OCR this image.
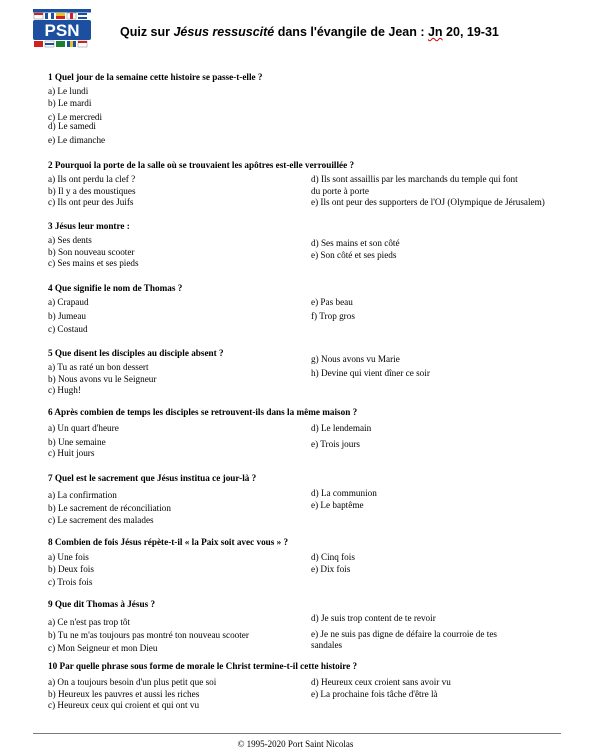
PSN	Quiz sur Jésus ressuscité dans l'évangile de Jean : Jn 20, 19-31
1 Quel jour de la semaine cette histoire se passe-t-elle ?
a) Le lundi
b) Le mardi
c) Le mercredi
d) Le samedi
e) Le dimanche
2 Pourquoi la porte de la salle où se trouvaient les apôtres est-elle verrouillée ?
a) Ils ont perdu la clef ?
b) Il y a des moustiques
c) Ils ont peur des Juifs
d) Ils sont assaillis par les marchands du temple qui font
du porte à porte
e) Ils ont peur des supporters de l'OJ (Olympique de Jérusalem)
3 Jésus leur montre :
a) Ses dents
b) Son nouveau scooter
c) Ses mains et ses pieds
d) Ses mains et son côté
e) Son côté et ses pieds
4 Que signifie le nom de Thomas ?
a) Crapaud
b) Jumeau
c) Costaud
e) Pas beau
f) Trop gros
5 Que disent les disciples au disciple absent ?
a) Tu as raté un bon dessert
b) Nous avons vu le Seigneur
c) Hugh!
g) Nous avons vu Marie
h) Devine qui vient dîner ce soir
6 Après combien de temps les disciples se retrouvent-ils dans la même maison ?
a) Un quart d'heure
b) Une semaine
c) Huit jours
d) Le lendemain
e) Trois jours
7 Quel est le sacrement que Jésus institua ce jour-là ?
a) La confirmation
b) Le sacrement de réconciliation
c) Le sacrement des malades
d) La communion
e) Le baptême
8 Combien de fois Jésus répète-t-il « la Paix soit avec vous » ?
a) Une fois
b) Deux fois
c) Trois fois
d) Cinq fois
e) Dix fois
9 Que dit Thomas à Jésus ?
a) Ce n'est pas trop tôt
b) Tu ne m'as toujours pas montré ton nouveau scooter
c) Mon Seigneur et mon Dieu
d) Je suis trop content de te revoir
e) Je ne suis pas digne de défaire la courroie de tes sandales
10 Par quelle phrase sous forme de morale le Christ termine-t-il cette histoire ?
a) On a toujours besoin d'un plus petit que soi
b) Heureux les pauvres et aussi les riches
c) Heureux ceux qui croient et qui ont vu
d) Heureux ceux croient sans avoir vu
e) La prochaine fois tâche d'être là
© 1995-2020 Port Saint Nicolas
